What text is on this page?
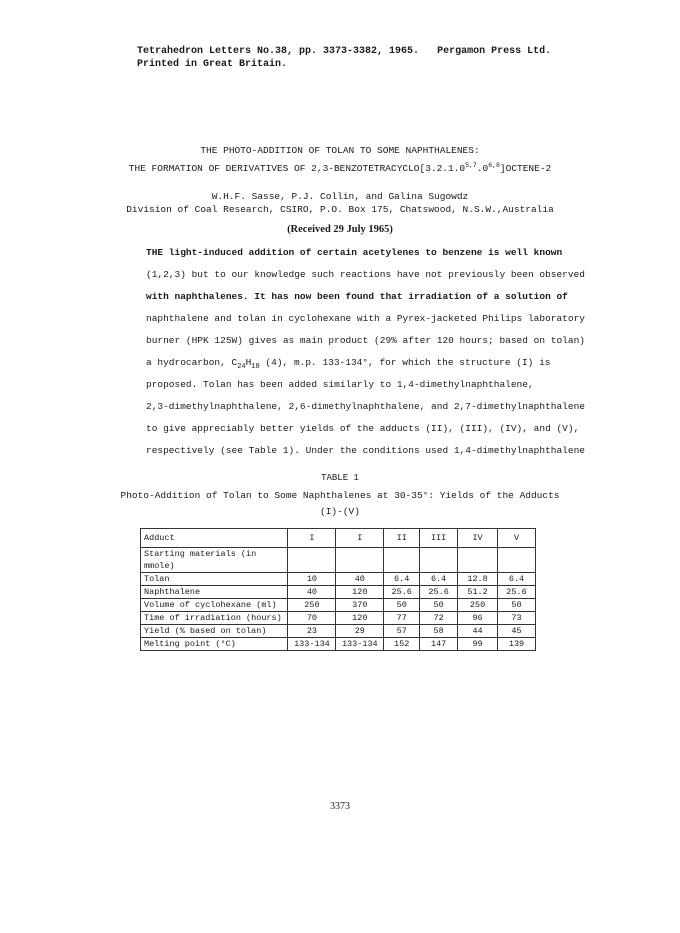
Tetrahedron Letters No.38, pp. 3373-3382, 1965. Pergamon Press Ltd.
Printed in Great Britain.
THE PHOTO-ADDITION OF TOLAN TO SOME NAPHTHALENES:
THE FORMATION OF DERIVATIVES OF 2,3-BENZOTETRACYCLO[3.2.1.0$^{5,7}$.0$^{6,8}$]OCTENE-2
W.H.F. Sasse, P.J. Collin, and Galina Sugowdz
Division of Coal Research, CSIRO, P.O. Box 175, Chatswood, N.S.W.,Australia
(Received 29 July 1965)
THE light-induced addition of certain acetylenes to benzene is well known
(1,2,3) but to our knowledge such reactions have not previously been observed
with naphthalenes. It has now been found that irradiation of a solution of
naphthalene and tolan in cyclohexane with a Pyrex-jacketed Philips laboratory
burner (HPK 125W) gives as main product (29% after 120 hours; based on tolan)
a hydrocarbon, $C_{24}H_{18}$ (4), m.p. 133-134°, for which the structure (I) is
proposed. Tolan has been added similarly to 1,4-dimethylnaphthalene,
2,3-dimethylnaphthalene, 2,6-dimethylnaphthalene, and 2,7-dimethylnaphthalene
to give appreciably better yields of the adducts (II), (III), (IV), and (V),
respectively (see Table 1). Under the conditions used 1,4-dimethylnaphthalene
TABLE 1
Photo-Addition of Tolan to Some Naphthalenes at 30-35°: Yields of the Adducts
(I)-(V)
Adduct	I	I	II	III	IV	V
Starting materials (in mmole)						
Tolan	10	40	6.4	6.4	12.8	6.4
Naphthalene	40	120	25.6	25.6	51.2	25.6
Volume of cyclohexane (ml)	250	370	50	50	250	50
Time of irradiation (hours)	70	120	77	72	96	73
Yield (% based on tolan)	23	29	57	58	44	45
Melting point (°C)	133-134	133-134	152	147	99	139
3373
